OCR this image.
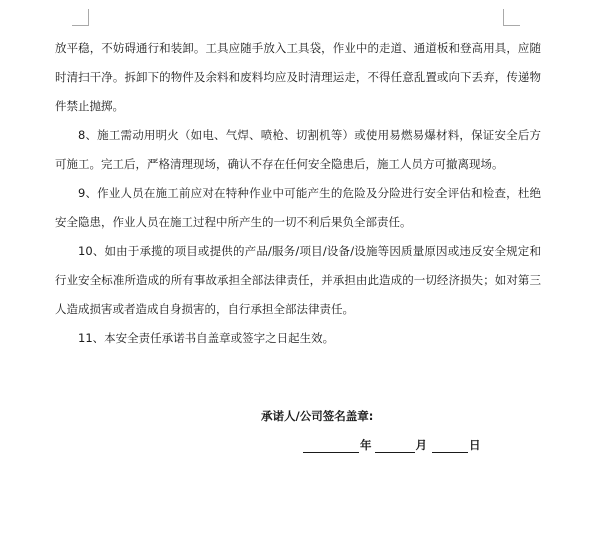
放平稳，不妨碍通行和装卸。工具应随手放入工具袋，作业中的走道、通道板和登高用具，应随时清扫干净。拆卸下的物件及余料和废料均应及时清理运走，不得任意乱置或向下丢弃，传递物件禁止抛掷。

8、施工需动用明火（如电、气焊、喷枪、切割机等）或使用易燃易爆材料，保证安全后方可施工。完工后，严格清理现场，确认不存在任何安全隐患后，施工人员方可撤离现场。

9、作业人员在施工前应对在特种作业中可能产生的危险及分险进行安全评估和检查，杜绝安全隐患，作业人员在施工过程中所产生的一切不利后果负全部责任。

10、如由于承揽的项目或提供的产品/服务/项目/设备/设施等因质量原因或违反安全规定和行业安全标准所造成的所有事故承担全部法律责任，并承担由此造成的一切经济损失；如对第三人造成损害或者造成自身损害的，自行承担全部法律责任。

11、本安全责任承诺书自盖章或签字之日起生效。

承诺人/公司签名盖章:
年	月	日
